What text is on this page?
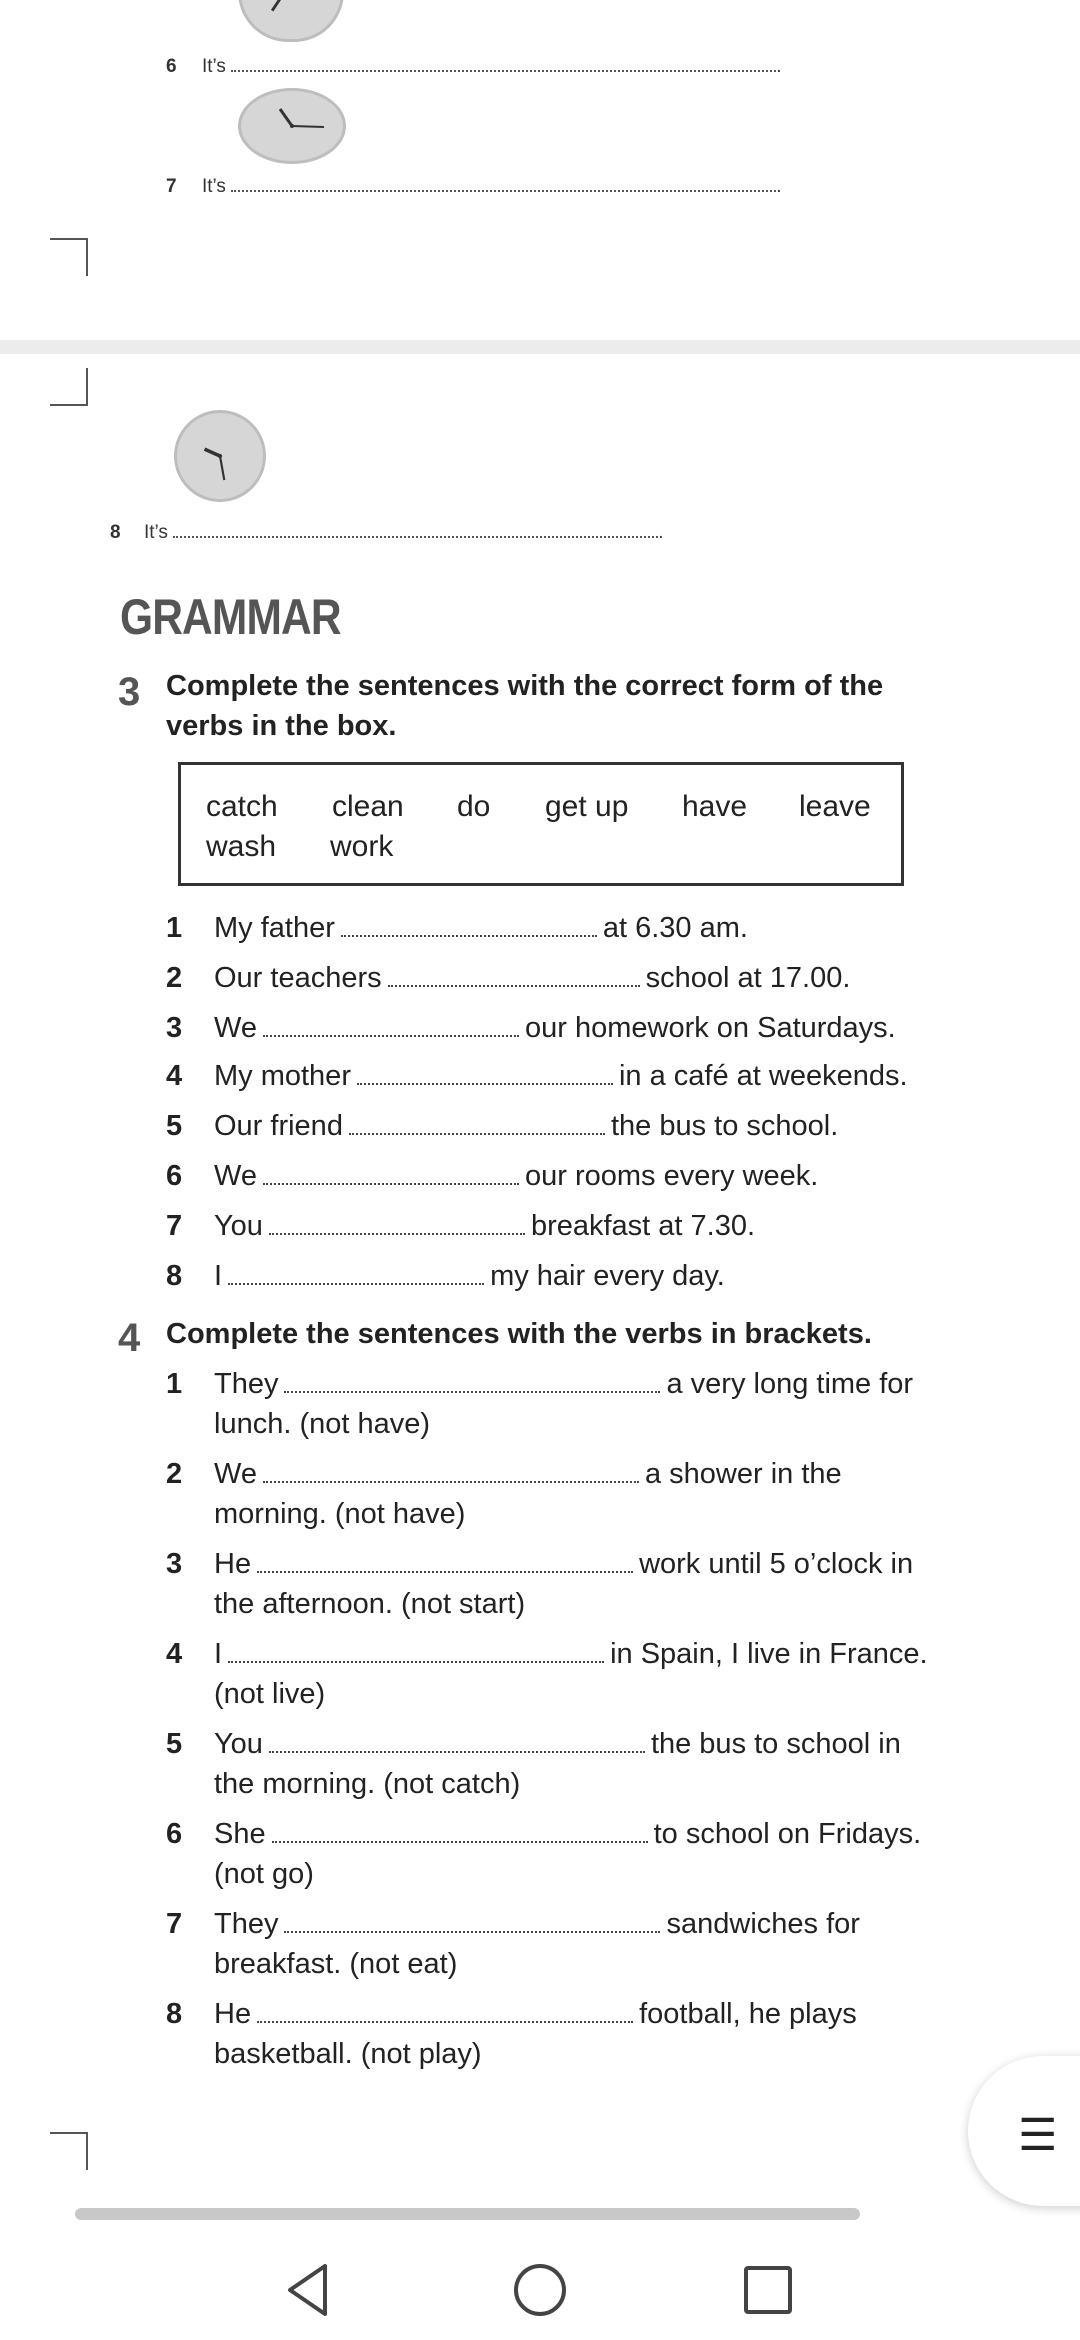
6 It’s	.
7 It’s	.
8 It’s	.
GRAMMAR
3 Complete the sentences with the correct form of the
verbs in the box.
catch clean do get up have leave
wash work
1 My father	at 6.30 am.
2 Our teachers	school at 17.00.
3 We	our homework on Saturdays.
4 My mother	in a café at weekends.
5 Our friend	the bus to school.
6 We	our rooms every week.
7 You	breakfast at 7.30.
8 I	my hair every day.
4 Complete the sentences with the verbs in brackets.
1 They	a very long time for
lunch. (not have)
2 We	a shower in the
morning. (not have)
3 He	work until 5 o’clock in
the afternoon. (not start)
4 I	in Spain, I live in France.
(not live)
5 You	the bus to school in
the morning. (not catch)
6 She	to school on Fridays.
(not go)
7 They	sandwiches for
breakfast. (not eat)
8 He	football, he plays
basketball. (not play)
☰
